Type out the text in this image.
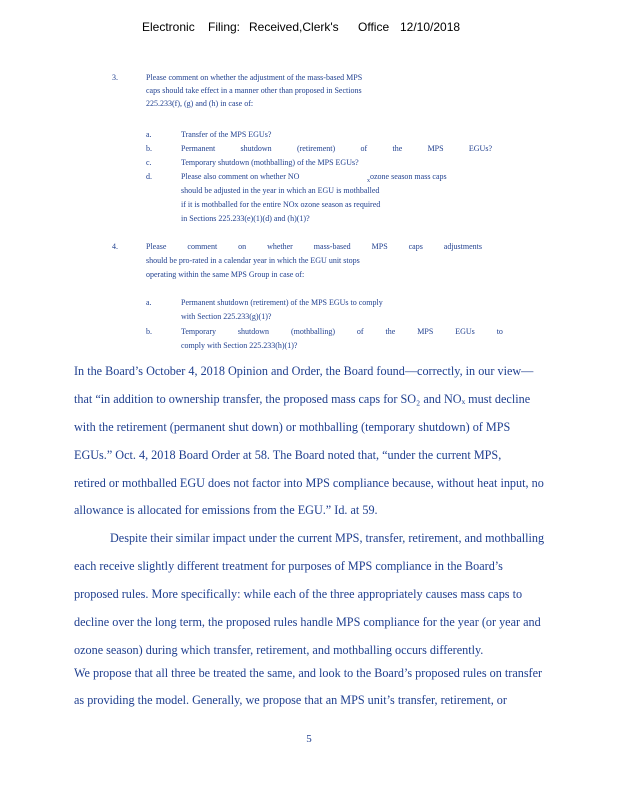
Electronic Filing: Received,Clerk's Office 12/10/2018
3.	Please comment on whether the adjustment of the mass-based MPS
caps should take effect in a manner other than proposed in Sections
225.233(f), (g) and (h) in case of:
a.	Transfer of the MPS EGUs?
b.	Permanent	shutdown	(retirement)	of	the	MPS	EGUs?
c.	Temporary shutdown (mothballing) of the MPS EGUs?
d.	Please also comment on whether NO	x ozone season mass caps
should be adjusted in the year in which an EGU is mothballed
if it is mothballed for the entire NOx ozone season as required
in Sections 225.233(e)(1)(d) and (h)(1)?
4.	Please	comment	on	whether	mass-based	MPS	caps	adjustments
should be pro-rated in a calendar year in which the EGU unit stops
operating within the same MPS Group in case of:
a.	Permanent shutdown (retirement) of the MPS EGUs to comply
with Section 225.233(g)(1)?
b.	Temporary	shutdown	(mothballing)	of	the	MPS	EGUs	to
comply with Section 225.233(h)(1)?
In the Board’s October 4, 2018 Opinion and Order, the Board found—correctly, in our view—
that “in addition to ownership transfer, the proposed mass caps for SO₂ and NOₓ must decline
with the retirement (permanent shut down) or mothballing (temporary shutdown) of MPS
EGUs.” Oct. 4, 2018 Board Order at 58. The Board noted that, “under the current MPS,
retired or mothballed EGU does not factor into MPS compliance because, without heat input, no
allowance is allocated for emissions from the EGU.” Id. at 59.
Despite their similar impact under the current MPS, transfer, retirement, and mothballing
each receive slightly different treatment for purposes of MPS compliance in the Board’s
proposed rules. More specifically: while each of the three appropriately causes mass caps to
decline over the long term, the proposed rules handle MPS compliance for the year (or year and
ozone season) during which transfer, retirement, and mothballing occurs differently.
We propose that all three be treated the same, and look to the Board’s proposed rules on transfer
as providing the model. Generally, we propose that an MPS unit’s transfer, retirement, or
5
